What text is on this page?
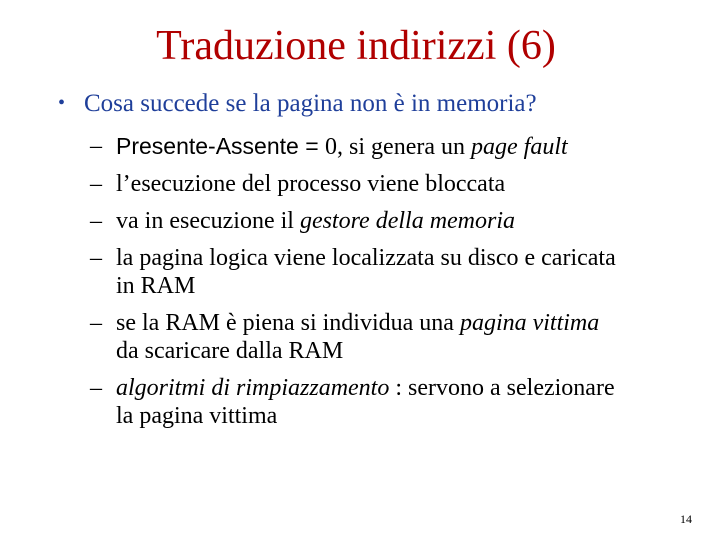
Traduzione indirizzi (6)
• Cosa succede se la pagina non è in memoria?
– Presente-Assente = 0, si genera un page fault
– l’esecuzione del processo viene bloccata
– va in esecuzione il gestore della memoria
– la pagina logica viene localizzata su disco e caricata
in RAM
– se la RAM è piena si individua una pagina vittima
da scaricare dalla RAM
– algoritmi di rimpiazzamento : servono a selezionare
la pagina vittima
14
